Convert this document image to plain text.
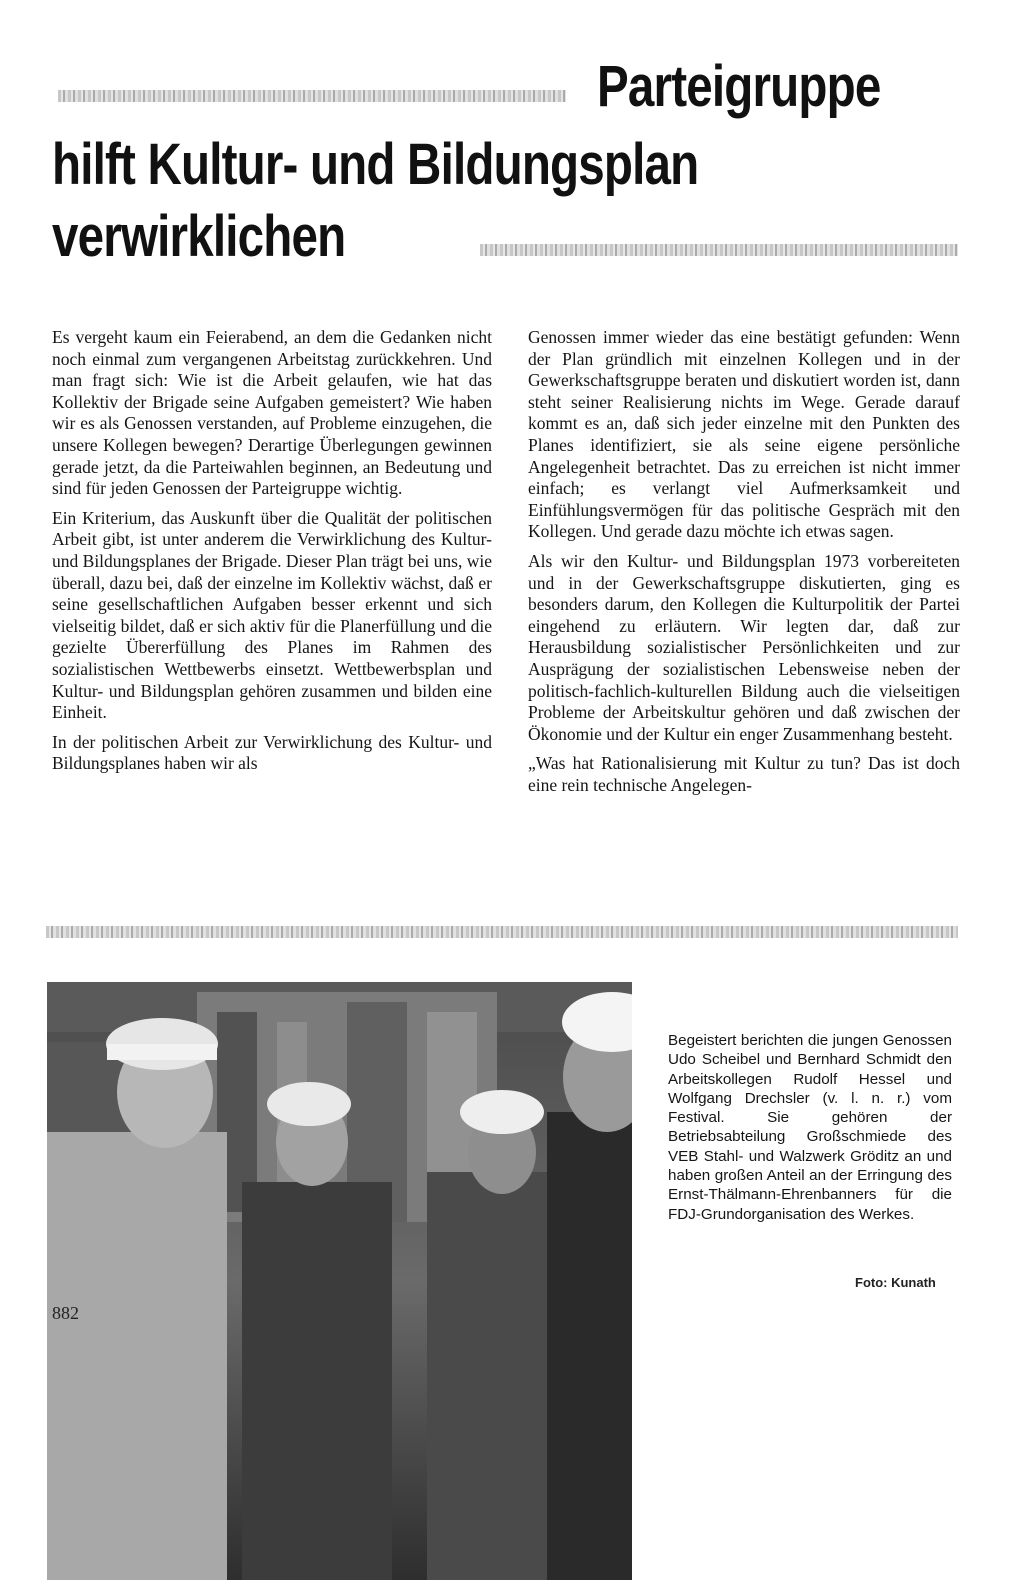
Parteigruppe
hilft Kultur- und Bildungsplan
verwirklichen

Es vergeht kaum ein Feierabend, an dem die Gedanken nicht noch einmal zum vergangenen Arbeitstag zurückkehren. Und man fragt sich: Wie ist die Arbeit gelaufen, wie hat das Kollektiv der Brigade seine Aufgaben gemeistert? Wie haben wir es als Genossen verstanden, auf Probleme einzugehen, die unsere Kollegen bewegen? Derartige Überlegungen gewinnen gerade jetzt, da die Parteiwahlen beginnen, an Bedeutung und sind für jeden Genossen der Parteigruppe wichtig.

Ein Kriterium, das Auskunft über die Qualität der politischen Arbeit gibt, ist unter anderem die Verwirklichung des Kultur- und Bildungsplanes der Brigade. Dieser Plan trägt bei uns, wie überall, dazu bei, daß der einzelne im Kollektiv wächst, daß er seine gesellschaftlichen Aufgaben besser erkennt und sich vielseitig bildet, daß er sich aktiv für die Planerfüllung und die gezielte Übererfüllung des Planes im Rahmen des sozialistischen Wettbewerbs einsetzt. Wettbewerbsplan und Kultur- und Bildungsplan gehören zusammen und bilden eine Einheit.

In der politischen Arbeit zur Verwirklichung des Kultur- und Bildungsplanes haben wir als

Genossen immer wieder das eine bestätigt gefunden: Wenn der Plan gründlich mit einzelnen Kollegen und in der Gewerkschaftsgruppe beraten und diskutiert worden ist, dann steht seiner Realisierung nichts im Wege. Gerade darauf kommt es an, daß sich jeder einzelne mit den Punkten des Planes identifiziert, sie als seine eigene persönliche Angelegenheit betrachtet. Das zu erreichen ist nicht immer einfach; es verlangt viel Aufmerksamkeit und Einfühlungsvermögen für das politische Gespräch mit den Kollegen. Und gerade dazu möchte ich etwas sagen.

Als wir den Kultur- und Bildungsplan 1973 vorbereiteten und in der Gewerkschaftsgruppe diskutierten, ging es besonders darum, den Kollegen die Kulturpolitik der Partei eingehend zu erläutern. Wir legten dar, daß zur Herausbildung sozialistischer Persönlichkeiten und zur Ausprägung der sozialistischen Lebensweise neben der politisch-fachlich-kulturellen Bildung auch die vielseitigen Probleme der Arbeitskultur gehören und daß zwischen der Ökonomie und der Kultur ein enger Zusammenhang besteht.

„Was hat Rationalisierung mit Kultur zu tun? Das ist doch eine rein technische Angelegen-

Begeistert berichten die jungen Genossen Udo Scheibel und Bernhard Schmidt den Arbeitskollegen Rudolf Hessel und Wolfgang Drechsler (v. l. n. r.) vom Festival. Sie gehören der Betriebsabteilung Großschmiede des VEB Stahl- und Walzwerk Gröditz an und haben großen Anteil an der Erringung des Ernst-Thälmann-Ehrenbanners für die FDJ-Grundorganisation des Werkes.
Foto: Kunath
882
